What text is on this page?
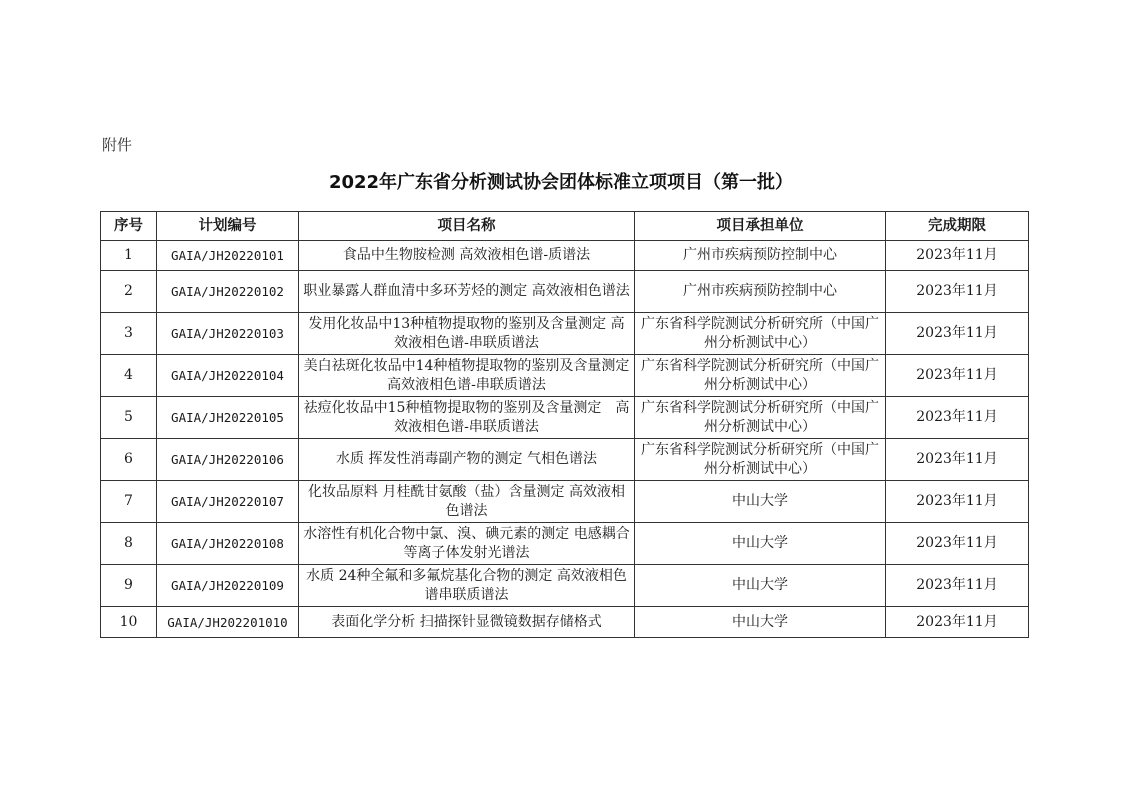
附件
2022年广东省分析测试协会团体标准立项项目（第一批）
序号	计划编号	项目名称	项目承担单位	完成期限
1	GAIA/JH20220101	食品中生物胺检测 高效液相色谱-质谱法	广州市疾病预防控制中心	2023年11月
2	GAIA/JH20220102	职业暴露人群血清中多环芳烃的测定 高效液相色谱法	广州市疾病预防控制中心	2023年11月
3	GAIA/JH20220103	发用化妆品中13种植物提取物的鉴别及含量测定 高效液相色谱-串联质谱法	广东省科学院测试分析研究所（中国广州分析测试中心）	2023年11月
4	GAIA/JH20220104	美白祛斑化妆品中14种植物提取物的鉴别及含量测定 高效液相色谱-串联质谱法	广东省科学院测试分析研究所（中国广州分析测试中心）	2023年11月
5	GAIA/JH20220105	祛痘化妆品中15种植物提取物的鉴别及含量测定　高效液相色谱-串联质谱法	广东省科学院测试分析研究所（中国广州分析测试中心）	2023年11月
6	GAIA/JH20220106	水质 挥发性消毒副产物的测定 气相色谱法	广东省科学院测试分析研究所（中国广州分析测试中心）	2023年11月
7	GAIA/JH20220107	化妆品原料 月桂酰甘氨酸（盐）含量测定 高效液相色谱法	中山大学	2023年11月
8	GAIA/JH20220108	水溶性有机化合物中氯、溴、碘元素的测定 电感耦合等离子体发射光谱法	中山大学	2023年11月
9	GAIA/JH20220109	水质 24种全氟和多氟烷基化合物的测定 高效液相色谱串联质谱法	中山大学	2023年11月
10	GAIA/JH202201010	表面化学分析 扫描探针显微镜数据存储格式	中山大学	2023年11月
